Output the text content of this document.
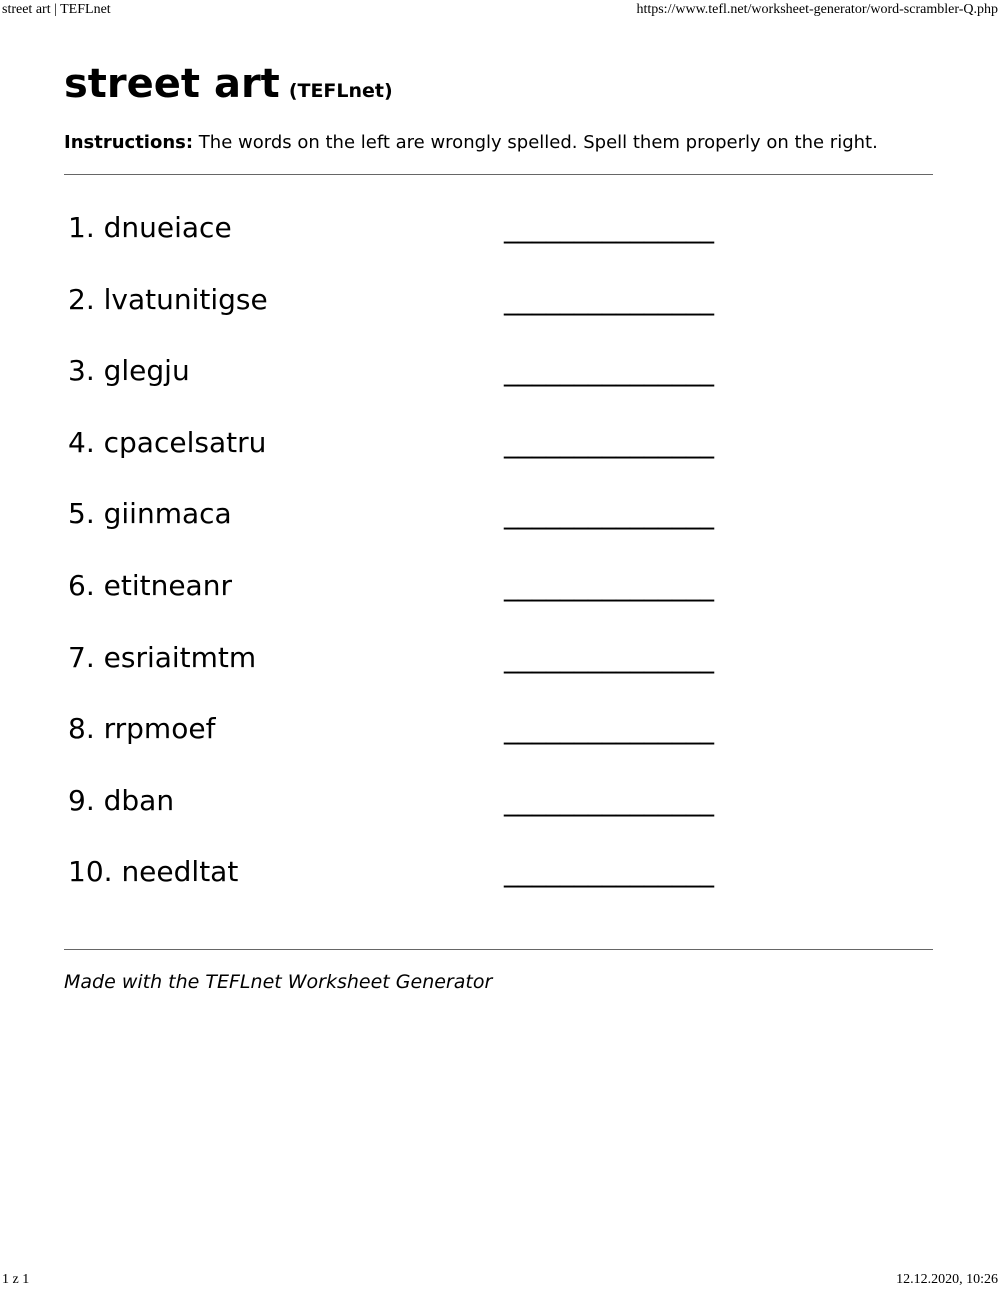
street art | TEFLnet	https://www.tefl.net/worksheet-generator/word-scrambler-Q.php
street art (TEFLnet)
Instructions: The words on the left are wrongly spelled. Spell them properly on the right.
1. dnueiace	_______________
2. lvatunitigse	_______________
3. glegju	_______________
4. cpacelsatru	_______________
5. giinmaca	_______________
6. etitneanr	_______________
7. esriaitmtm	_______________
8. rrpmoef	_______________
9. dban	_______________
10. needltat	_______________
Made with the TEFLnet Worksheet Generator
1 z 1	12.12.2020, 10:26
